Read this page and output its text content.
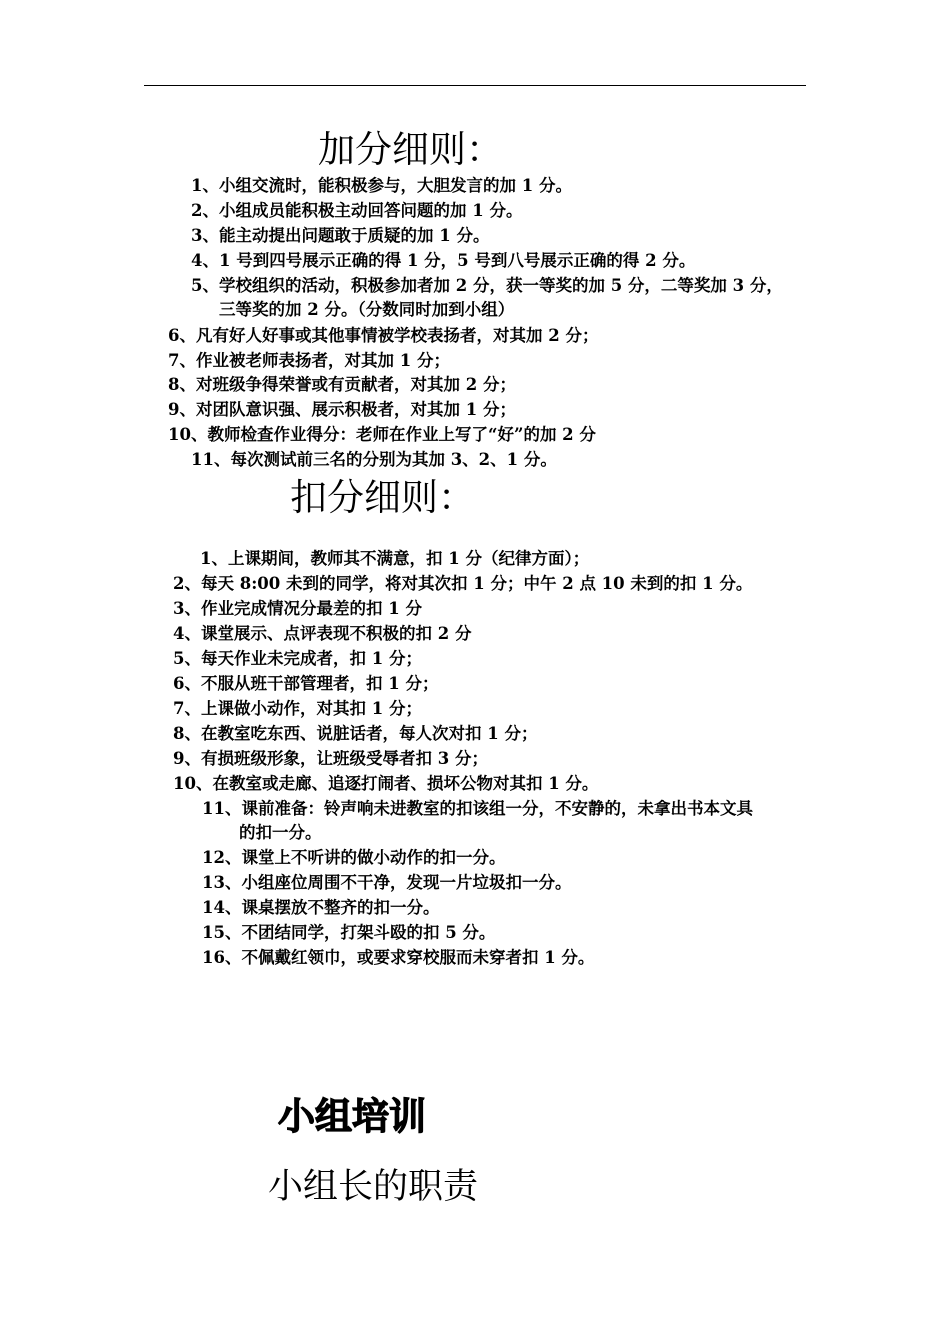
加分细则：
1、小组交流时，能积极参与，大胆发言的加 1 分。
2、小组成员能积极主动回答问题的加 1 分。
3、能主动提出问题敢于质疑的加 1 分。
4、1 号到四号展示正确的得 1 分，5 号到八号展示正确的得 2 分。
5、学校组织的活动，积极参加者加 2 分，获一等奖的加 5 分，二等奖加 3 分，
三等奖的加 2 分。（分数同时加到小组）
6、凡有好人好事或其他事情被学校表扬者，对其加 2 分；
7、作业被老师表扬者，对其加 1 分；
8、对班级争得荣誉或有贡献者，对其加 2 分；
9、对团队意识强、展示积极者，对其加 1 分；
10、教师检查作业得分：老师在作业上写了“好”的加 2 分
11、每次测试前三名的分别为其加 3、2、1 分。
扣分细则：
1、上课期间，教师其不满意，扣 1 分（纪律方面）；
2、每天 8:00 未到的同学，将对其次扣 1 分；中午 2 点 10 未到的扣 1 分。
3、作业完成情况分最差的扣 1 分
4、课堂展示、点评表现不积极的扣 2 分
5、每天作业未完成者，扣 1 分；
6、不服从班干部管理者，扣 1 分；
7、上课做小动作，对其扣 1 分；
8、在教室吃东西、说脏话者，每人次对扣 1 分；
9、有损班级形象，让班级受辱者扣 3 分；
10、在教室或走廊、追逐打闹者、损坏公物对其扣 1 分。
11、课前准备：铃声响未进教室的扣该组一分，不安静的，未拿出书本文具
的扣一分。
12、课堂上不听讲的做小动作的扣一分。
13、小组座位周围不干净，发现一片垃圾扣一分。
14、课桌摆放不整齐的扣一分。
15、不团结同学，打架斗殴的扣 5 分。
16、不佩戴红领巾，或要求穿校服而未穿者扣 1 分。
小组培训
小组长的职责
